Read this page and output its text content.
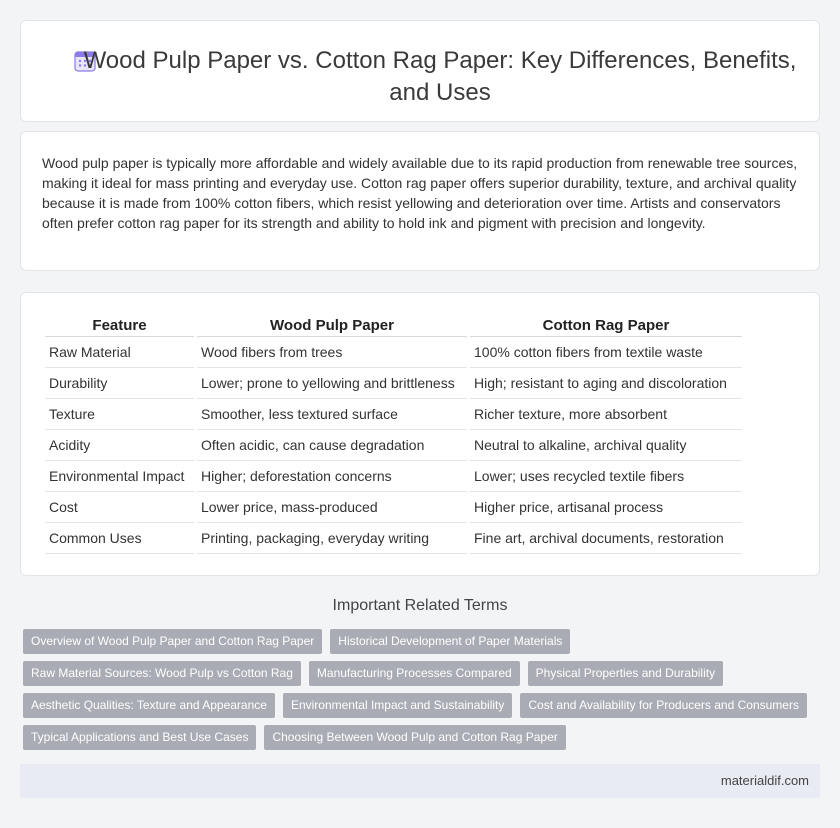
Wood Pulp Paper vs. Cotton Rag Paper: Key Differences, Benefits, and Uses

Wood pulp paper is typically more affordable and widely available due to its rapid production from renewable tree sources, making it ideal for mass printing and everyday use. Cotton rag paper offers superior durability, texture, and archival quality because it is made from 100% cotton fibers, which resist yellowing and deterioration over time. Artists and conservators often prefer cotton rag paper for its strength and ability to hold ink and pigment with precision and longevity.

Feature	Wood Pulp Paper	Cotton Rag Paper
Raw Material	Wood fibers from trees	100% cotton fibers from textile waste
Durability	Lower; prone to yellowing and brittleness	High; resistant to aging and discoloration
Texture	Smoother, less textured surface	Richer texture, more absorbent
Acidity	Often acidic, can cause degradation	Neutral to alkaline, archival quality
Environmental Impact	Higher; deforestation concerns	Lower; uses recycled textile fibers
Cost	Lower price, mass-produced	Higher price, artisanal process
Common Uses	Printing, packaging, everyday writing	Fine art, archival documents, restoration
Important Related Terms
Overview of Wood Pulp Paper and Cotton Rag Paper	Historical Development of Paper Materials
Raw Material Sources: Wood Pulp vs Cotton Rag	Manufacturing Processes Compared	Physical Properties and Durability
Aesthetic Qualities: Texture and Appearance	Environmental Impact and Sustainability	Cost and Availability for Producers and Consumers
Typical Applications and Best Use Cases	Choosing Between Wood Pulp and Cotton Rag Paper
materialdif.com
